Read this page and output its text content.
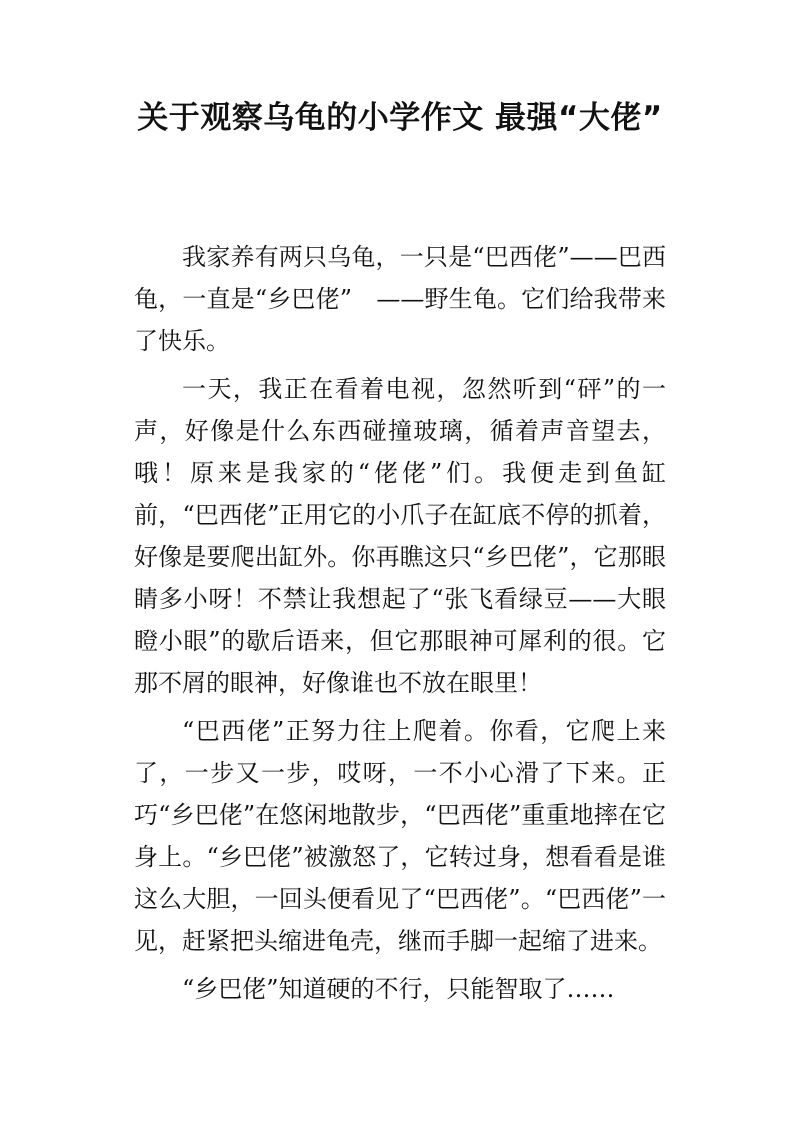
关于观察乌龟的小学作文 最强“大佬”

我家养有两只乌龟，一只是“巴西佬”——巴西龟，一直是“乡巴佬”　——野生龟。它们给我带来了快乐。

一天，我正在看着电视，忽然听到“砰”的一声，好像是什么东西碰撞玻璃，循着声音望去，哦！原来是我家的“佬佬”们。我便走到鱼缸前，“巴西佬”正用它的小爪子在缸底不停的抓着，好像是要爬出缸外。你再瞧这只“乡巴佬”，它那眼睛多小呀！不禁让我想起了“张飞看绿豆——大眼瞪小眼”的歇后语来，但它那眼神可犀利的很。它那不屑的眼神，好像谁也不放在眼里！

“巴西佬”正努力往上爬着。你看，它爬上来了，一步又一步，哎呀，一不小心滑了下来。正巧“乡巴佬”在悠闲地散步，“巴西佬”重重地摔在它身上。“乡巴佬”被激怒了，它转过身，想看看是谁这么大胆，一回头便看见了“巴西佬”。“巴西佬”一见，赶紧把头缩进龟壳，继而手脚一起缩了进来。

“乡巴佬”知道硬的不行，只能智取了……
